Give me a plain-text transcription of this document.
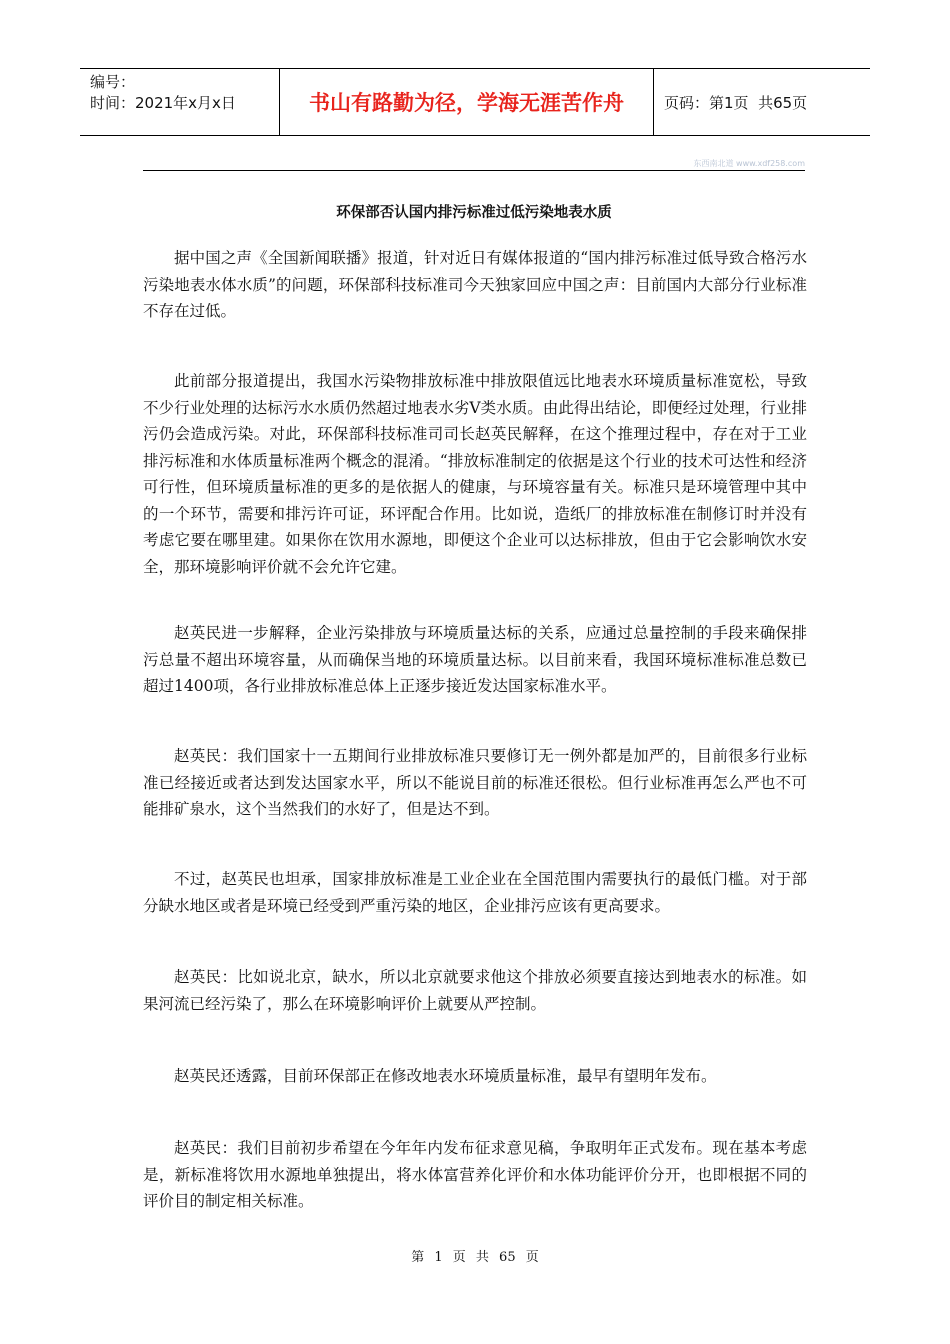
编号：
时间：2021年x月x日	书山有路勤为径，学海无涯苦作舟	页码：第1页  共65页
东西南北道 www.xdf258.com
环保部否认国内排污标准过低污染地表水质

据中国之声《全国新闻联播》报道，针对近日有媒体报道的“国内排污标准过低导致合格污水污染地表水体水质”的问题，环保部科技标准司今天独家回应中国之声：目前国内大部分行业标准不存在过低。

此前部分报道提出，我国水污染物排放标准中排放限值远比地表水环境质量标准宽松，导致不少行业处理的达标污水水质仍然超过地表水劣Ⅴ类水质。由此得出结论，即便经过处理，行业排污仍会造成污染。对此，环保部科技标准司司长赵英民解释，在这个推理过程中，存在对于工业排污标准和水体质量标准两个概念的混淆。“排放标准制定的依据是这个行业的技术可达性和经济可行性，但环境质量标准的更多的是依据人的健康，与环境容量有关。标准只是环境管理中其中的一个环节，需要和排污许可证，环评配合作用。比如说，造纸厂的排放标准在制修订时并没有考虑它要在哪里建。如果你在饮用水源地，即便这个企业可以达标排放，但由于它会影响饮水安全，那环境影响评价就不会允许它建。

赵英民进一步解释，企业污染排放与环境质量达标的关系，应通过总量控制的手段来确保排污总量不超出环境容量，从而确保当地的环境质量达标。以目前来看，我国环境标准标准总数已超过1400项，各行业排放标准总体上正逐步接近发达国家标准水平。

赵英民：我们国家十一五期间行业排放标准只要修订无一例外都是加严的，目前很多行业标准已经接近或者达到发达国家水平，所以不能说目前的标准还很松。但行业标准再怎么严也不可能排矿泉水，这个当然我们的水好了，但是达不到。

不过，赵英民也坦承，国家排放标准是工业企业在全国范围内需要执行的最低门槛。对于部分缺水地区或者是环境已经受到严重污染的地区，企业排污应该有更高要求。

赵英民：比如说北京，缺水，所以北京就要求他这个排放必须要直接达到地表水的标准。如果河流已经污染了，那么在环境影响评价上就要从严控制。

赵英民还透露，目前环保部正在修改地表水环境质量标准，最早有望明年发布。

赵英民：我们目前初步希望在今年年内发布征求意见稿，争取明年正式发布。现在基本考虑是，新标准将饮用水源地单独提出，将水体富营养化评价和水体功能评价分开，也即根据不同的评价目的制定相关标准。

第 1 页 共 65 页
